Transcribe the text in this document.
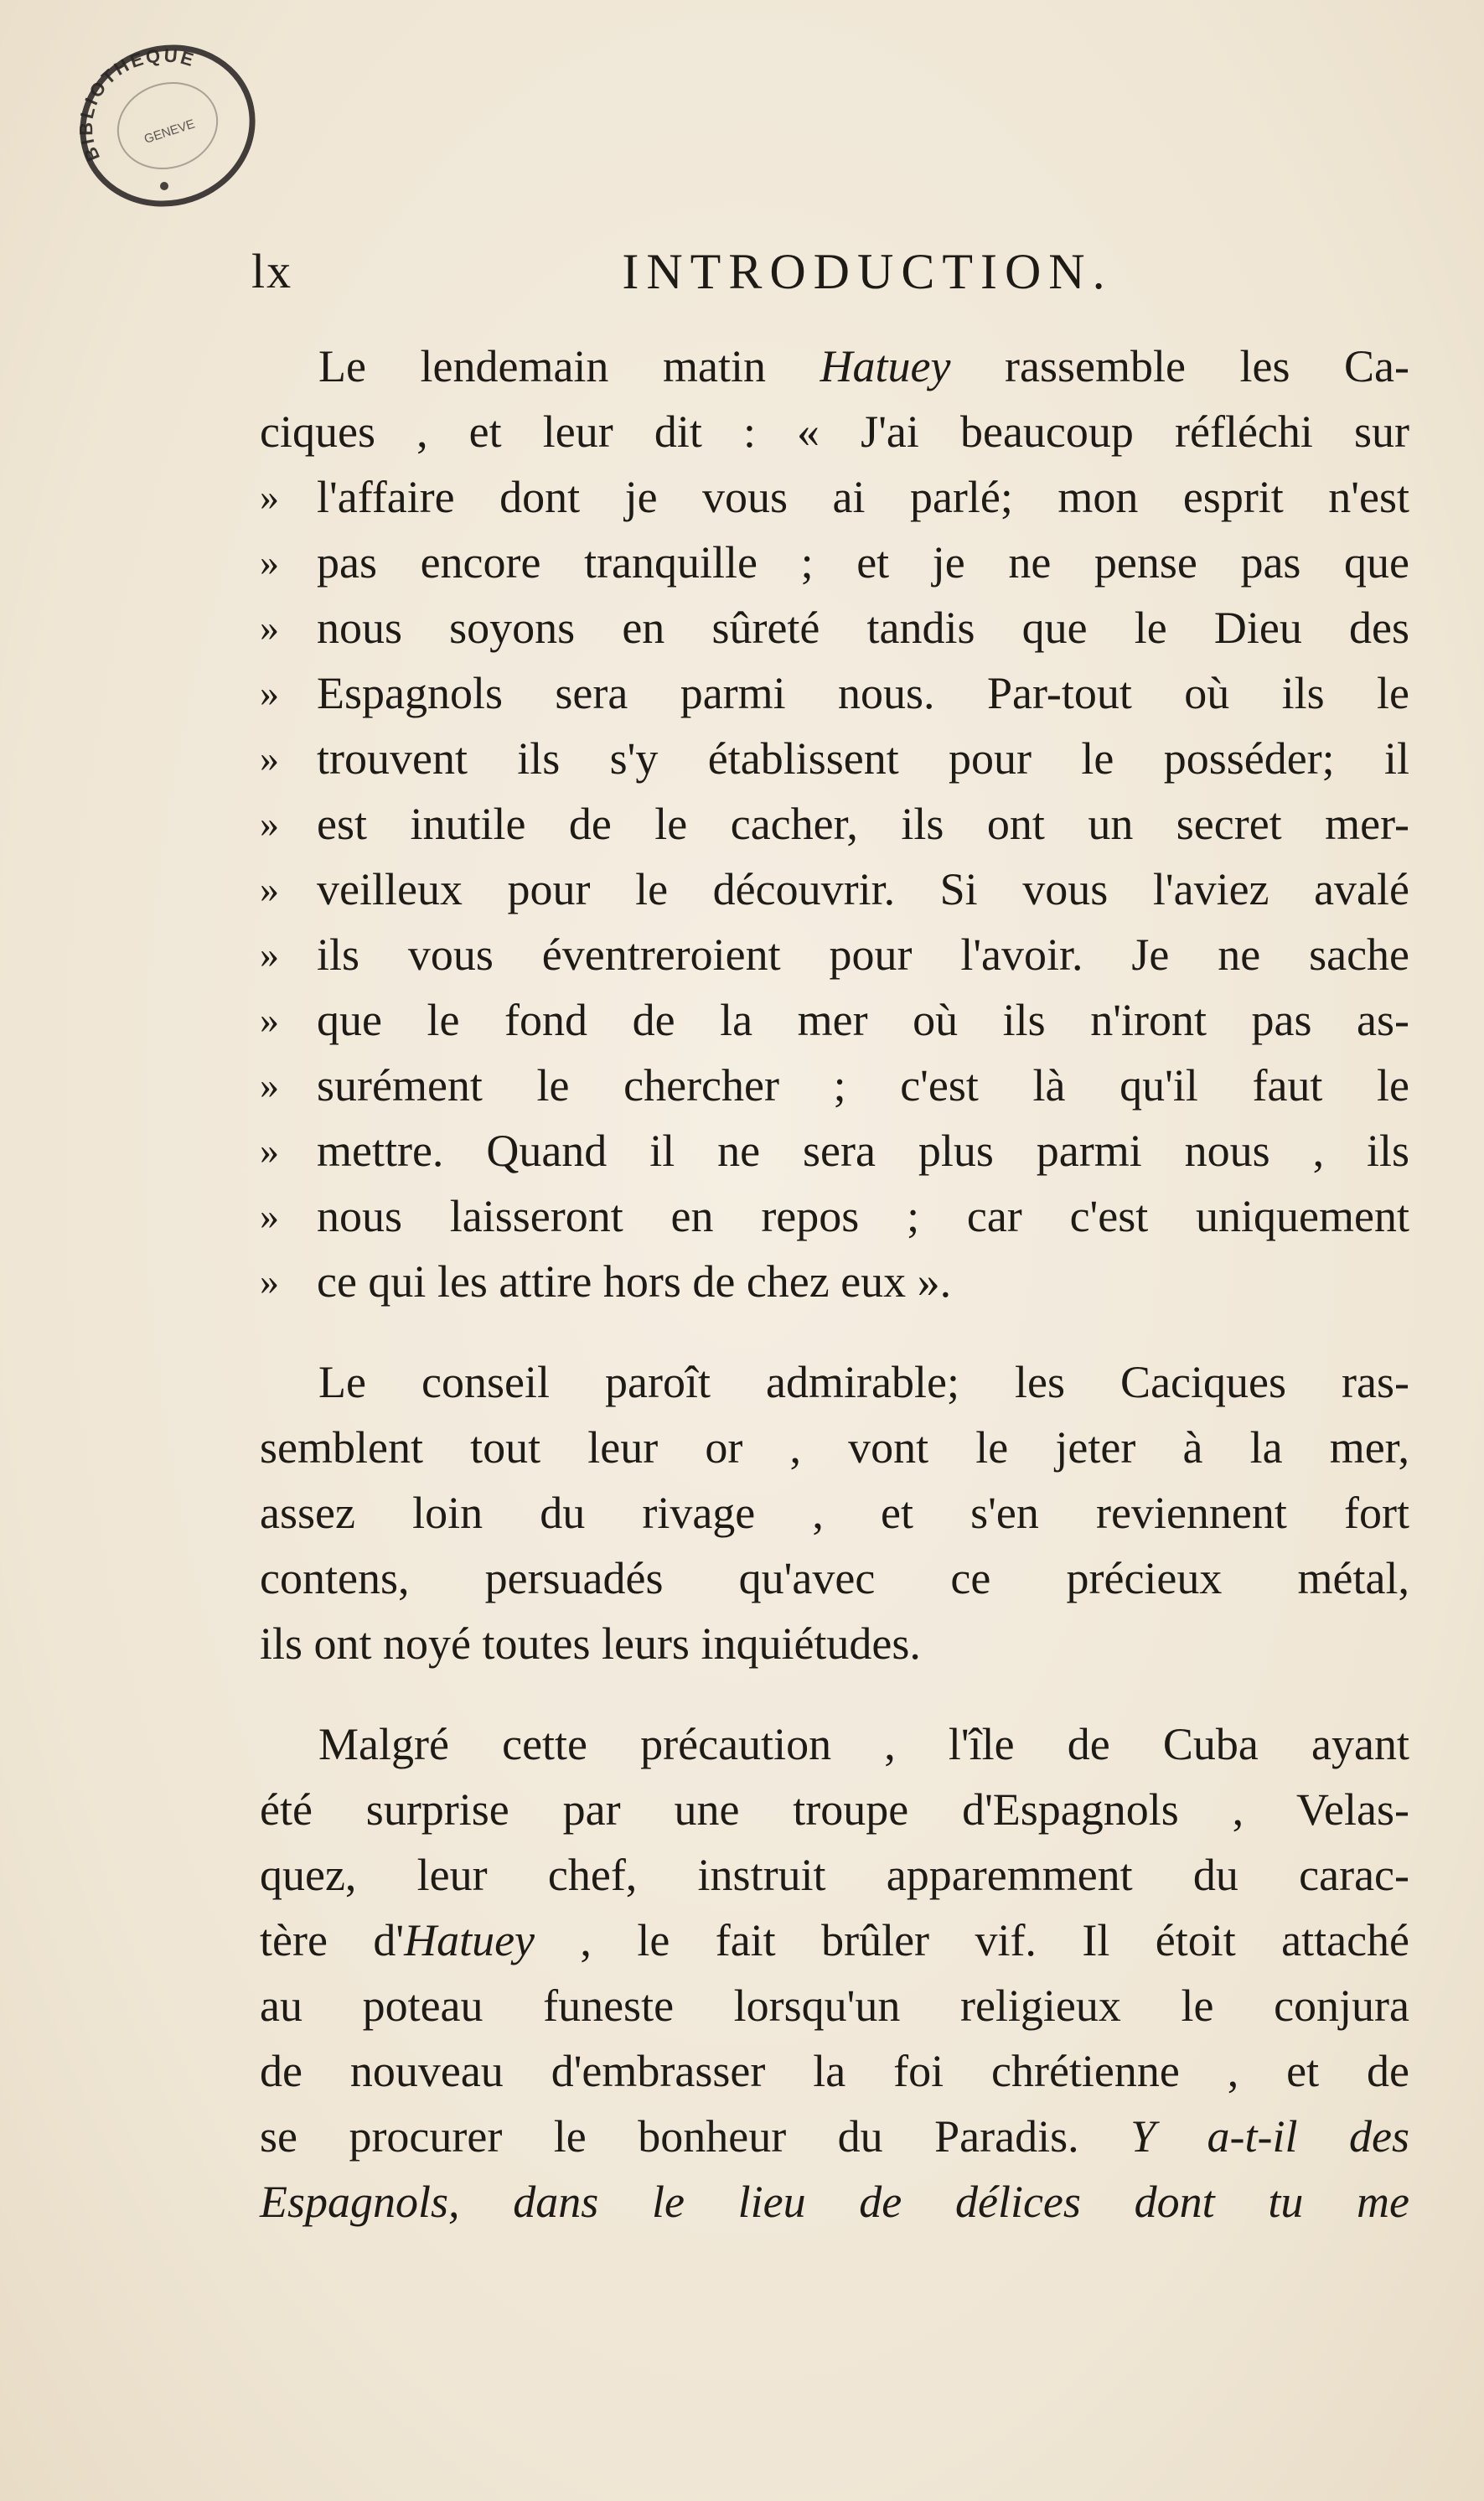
BIBLIOTHEQUE
GENEVE
lx	INTRODUCTION.
Le lendemain matin Hatuey rassemble les Ca-
ciques , et leur dit : « J'ai beaucoup réfléchi sur
» l'affaire dont je vous ai parlé; mon esprit n'est
» pas encore tranquille ; et je ne pense pas que
» nous soyons en sûreté tandis que le Dieu des
» Espagnols sera parmi nous. Par-tout où ils le
» trouvent ils s'y établissent pour le posséder; il
» est inutile de le cacher, ils ont un secret mer-
» veilleux pour le découvrir. Si vous l'aviez avalé
» ils vous éventreroient pour l'avoir. Je ne sache
» que le fond de la mer où ils n'iront pas as-
» surément le chercher ; c'est là qu'il faut le
» mettre. Quand il ne sera plus parmi nous , ils
» nous laisseront en repos ; car c'est uniquement
» ce qui les attire hors de chez eux ».
Le conseil paroît admirable; les Caciques ras-
semblent tout leur or , vont le jeter à la mer,
assez loin du rivage , et s'en reviennent fort
contens, persuadés qu'avec ce précieux métal,
ils ont noyé toutes leurs inquiétudes.
Malgré cette précaution , l'île de Cuba ayant
été surprise par une troupe d'Espagnols , Velas-
quez, leur chef, instruit apparemment du carac-
tère d'Hatuey , le fait brûler vif. Il étoit attaché
au poteau funeste lorsqu'un religieux le conjura
de nouveau d'embrasser la foi chrétienne , et de
se procurer le bonheur du Paradis. Y a-t-il des
Espagnols, dans le lieu de délices dont tu me
